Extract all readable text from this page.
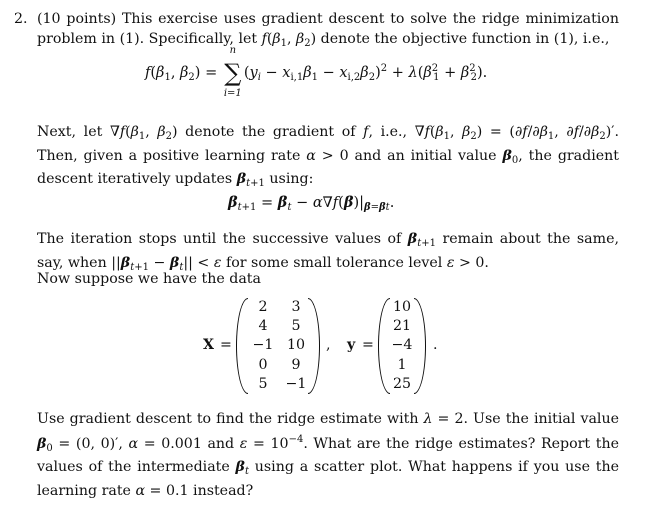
2. (10 points) This exercise uses gradient descent to solve the ridge minimization problem in (1). Specifically, let $f(\beta_1$, $\beta_2$) denote the objective function in (1), i.e.,
$f(\beta_1$, $\beta_2$) =
n
∑
i=1
$(y_i - x_{i,1}\beta_1 - x_{i,2}\beta_2)^2 + \lambda(\beta^2_1 + \beta^2_2)$.
Next, let $\nabla f(\beta_1$, $\beta_2$) denote the gradient of f, i.e., $\nabla f(\beta_1$, $\beta_2) = (\partial f/\partial\beta_1$, $\partial f/\partial\beta_2)'$. Then, given a positive learning rate α > 0 and an initial value $\beta_0$, the gradient descent iteratively updates $\beta_{t+1}$ using:
$\beta_{t+1} = \beta_t - \alpha\nabla f(\beta)|_{\beta=\beta t}$.
The iteration stops until the successive values of $\beta_{t+1}$ remain about the same, say, when $||\beta_{t+1} - \beta_t|| < \varepsilon$ for some small tolerance level ε > 0.
Now suppose we have the data
X =
2
4
−1
0
5
3
5
10
9
−1
, y =
10
21
−4
1
25
.
Use gradient descent to find the ridge estimate with λ = 2. Use the initial value $\beta_0 = (0$, 0)′, α = 0.001 and $\varepsilon = 10^{-4}$. What are the ridge estimates? Report the values of the intermediate $\beta_t$ using a scatter plot. What happens if you use the learning rate α = 0.1 instead?
